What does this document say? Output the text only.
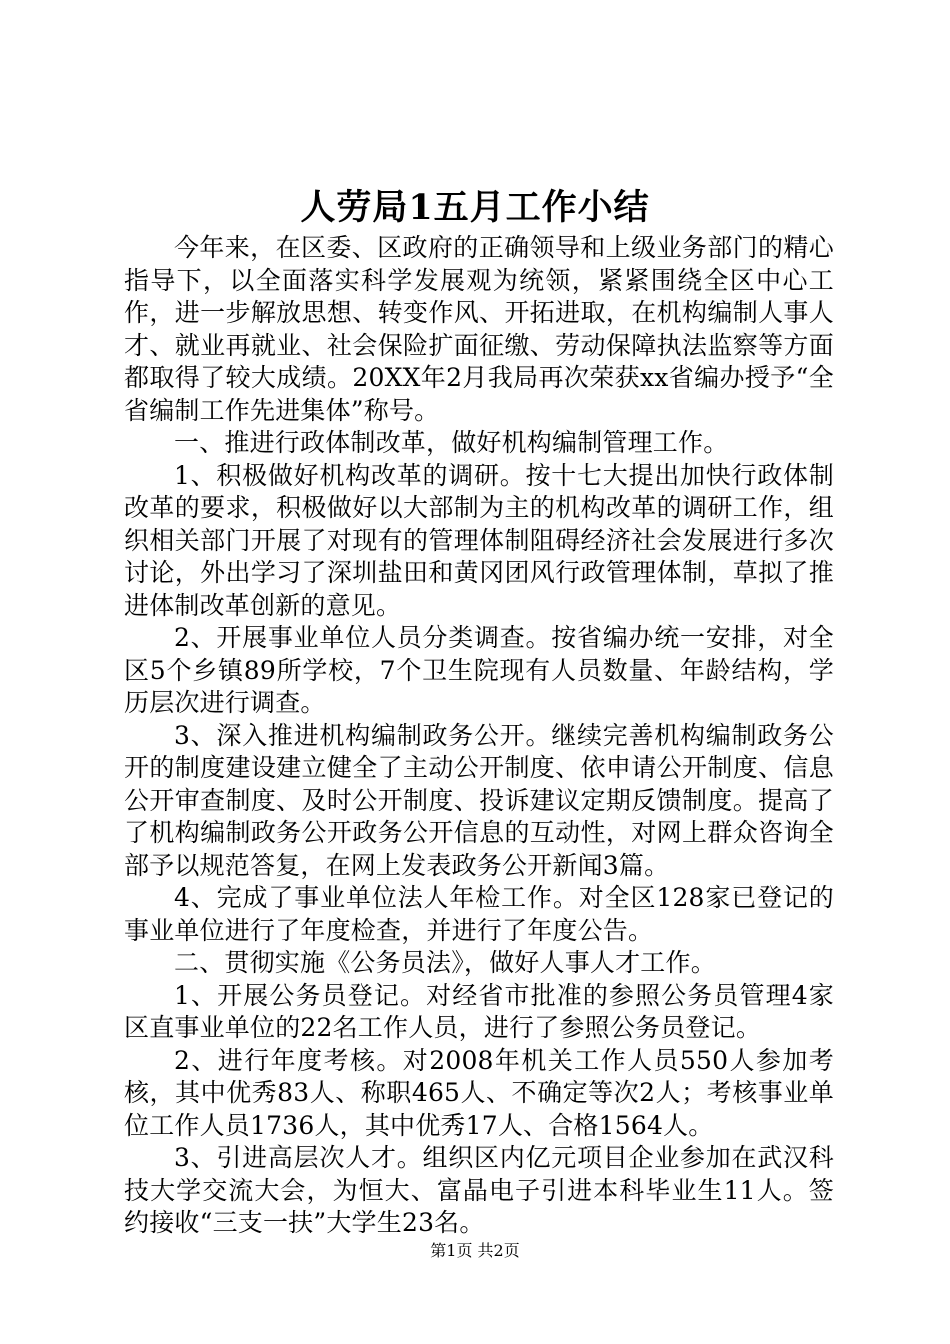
人劳局1五月工作小结

今年来，在区委、区政府的正确领导和上级业务部门的精心指导下，以全面落实科学发展观为统领，紧紧围绕全区中心工作，进一步解放思想、转变作风、开拓进取，在机构编制人事人才、就业再就业、社会保险扩面征缴、劳动保障执法监察等方面都取得了较大成绩。20XX年2月我局再次荣获xx省编办授予“全省编制工作先进集体”称号。

一、推进行政体制改革，做好机构编制管理工作。

1、积极做好机构改革的调研。按十七大提出加快行政体制改革的要求，积极做好以大部制为主的机构改革的调研工作，组织相关部门开展了对现有的管理体制阻碍经济社会发展进行多次讨论，外出学习了深圳盐田和黄冈团风行政管理体制，草拟了推进体制改革创新的意见。

2、开展事业单位人员分类调查。按省编办统一安排，对全区5个乡镇89所学校，7个卫生院现有人员数量、年龄结构，学历层次进行调查。

3、深入推进机构编制政务公开。继续完善机构编制政务公开的制度建设建立健全了主动公开制度、依申请公开制度、信息公开审查制度、及时公开制度、投诉建议定期反馈制度。提高了了机构编制政务公开政务公开信息的互动性，对网上群众咨询全部予以规范答复，在网上发表政务公开新闻3篇。

4、完成了事业单位法人年检工作。对全区128家已登记的事业单位进行了年度检查，并进行了年度公告。

二、贯彻实施《公务员法》，做好人事人才工作。

1、开展公务员登记。对经省市批准的参照公务员管理4家区直事业单位的22名工作人员，进行了参照公务员登记。

2、进行年度考核。对2008年机关工作人员550人参加考核，其中优秀83人、称职465人、不确定等次2人；考核事业单位工作人员1736人，其中优秀17人、合格1564人。

3、引进高层次人才。组织区内亿元项目企业参加在武汉科技大学交流大会，为恒大、富晶电子引进本科毕业生11人。签约接收“三支一扶”大学生23名。

第1页 共2页
